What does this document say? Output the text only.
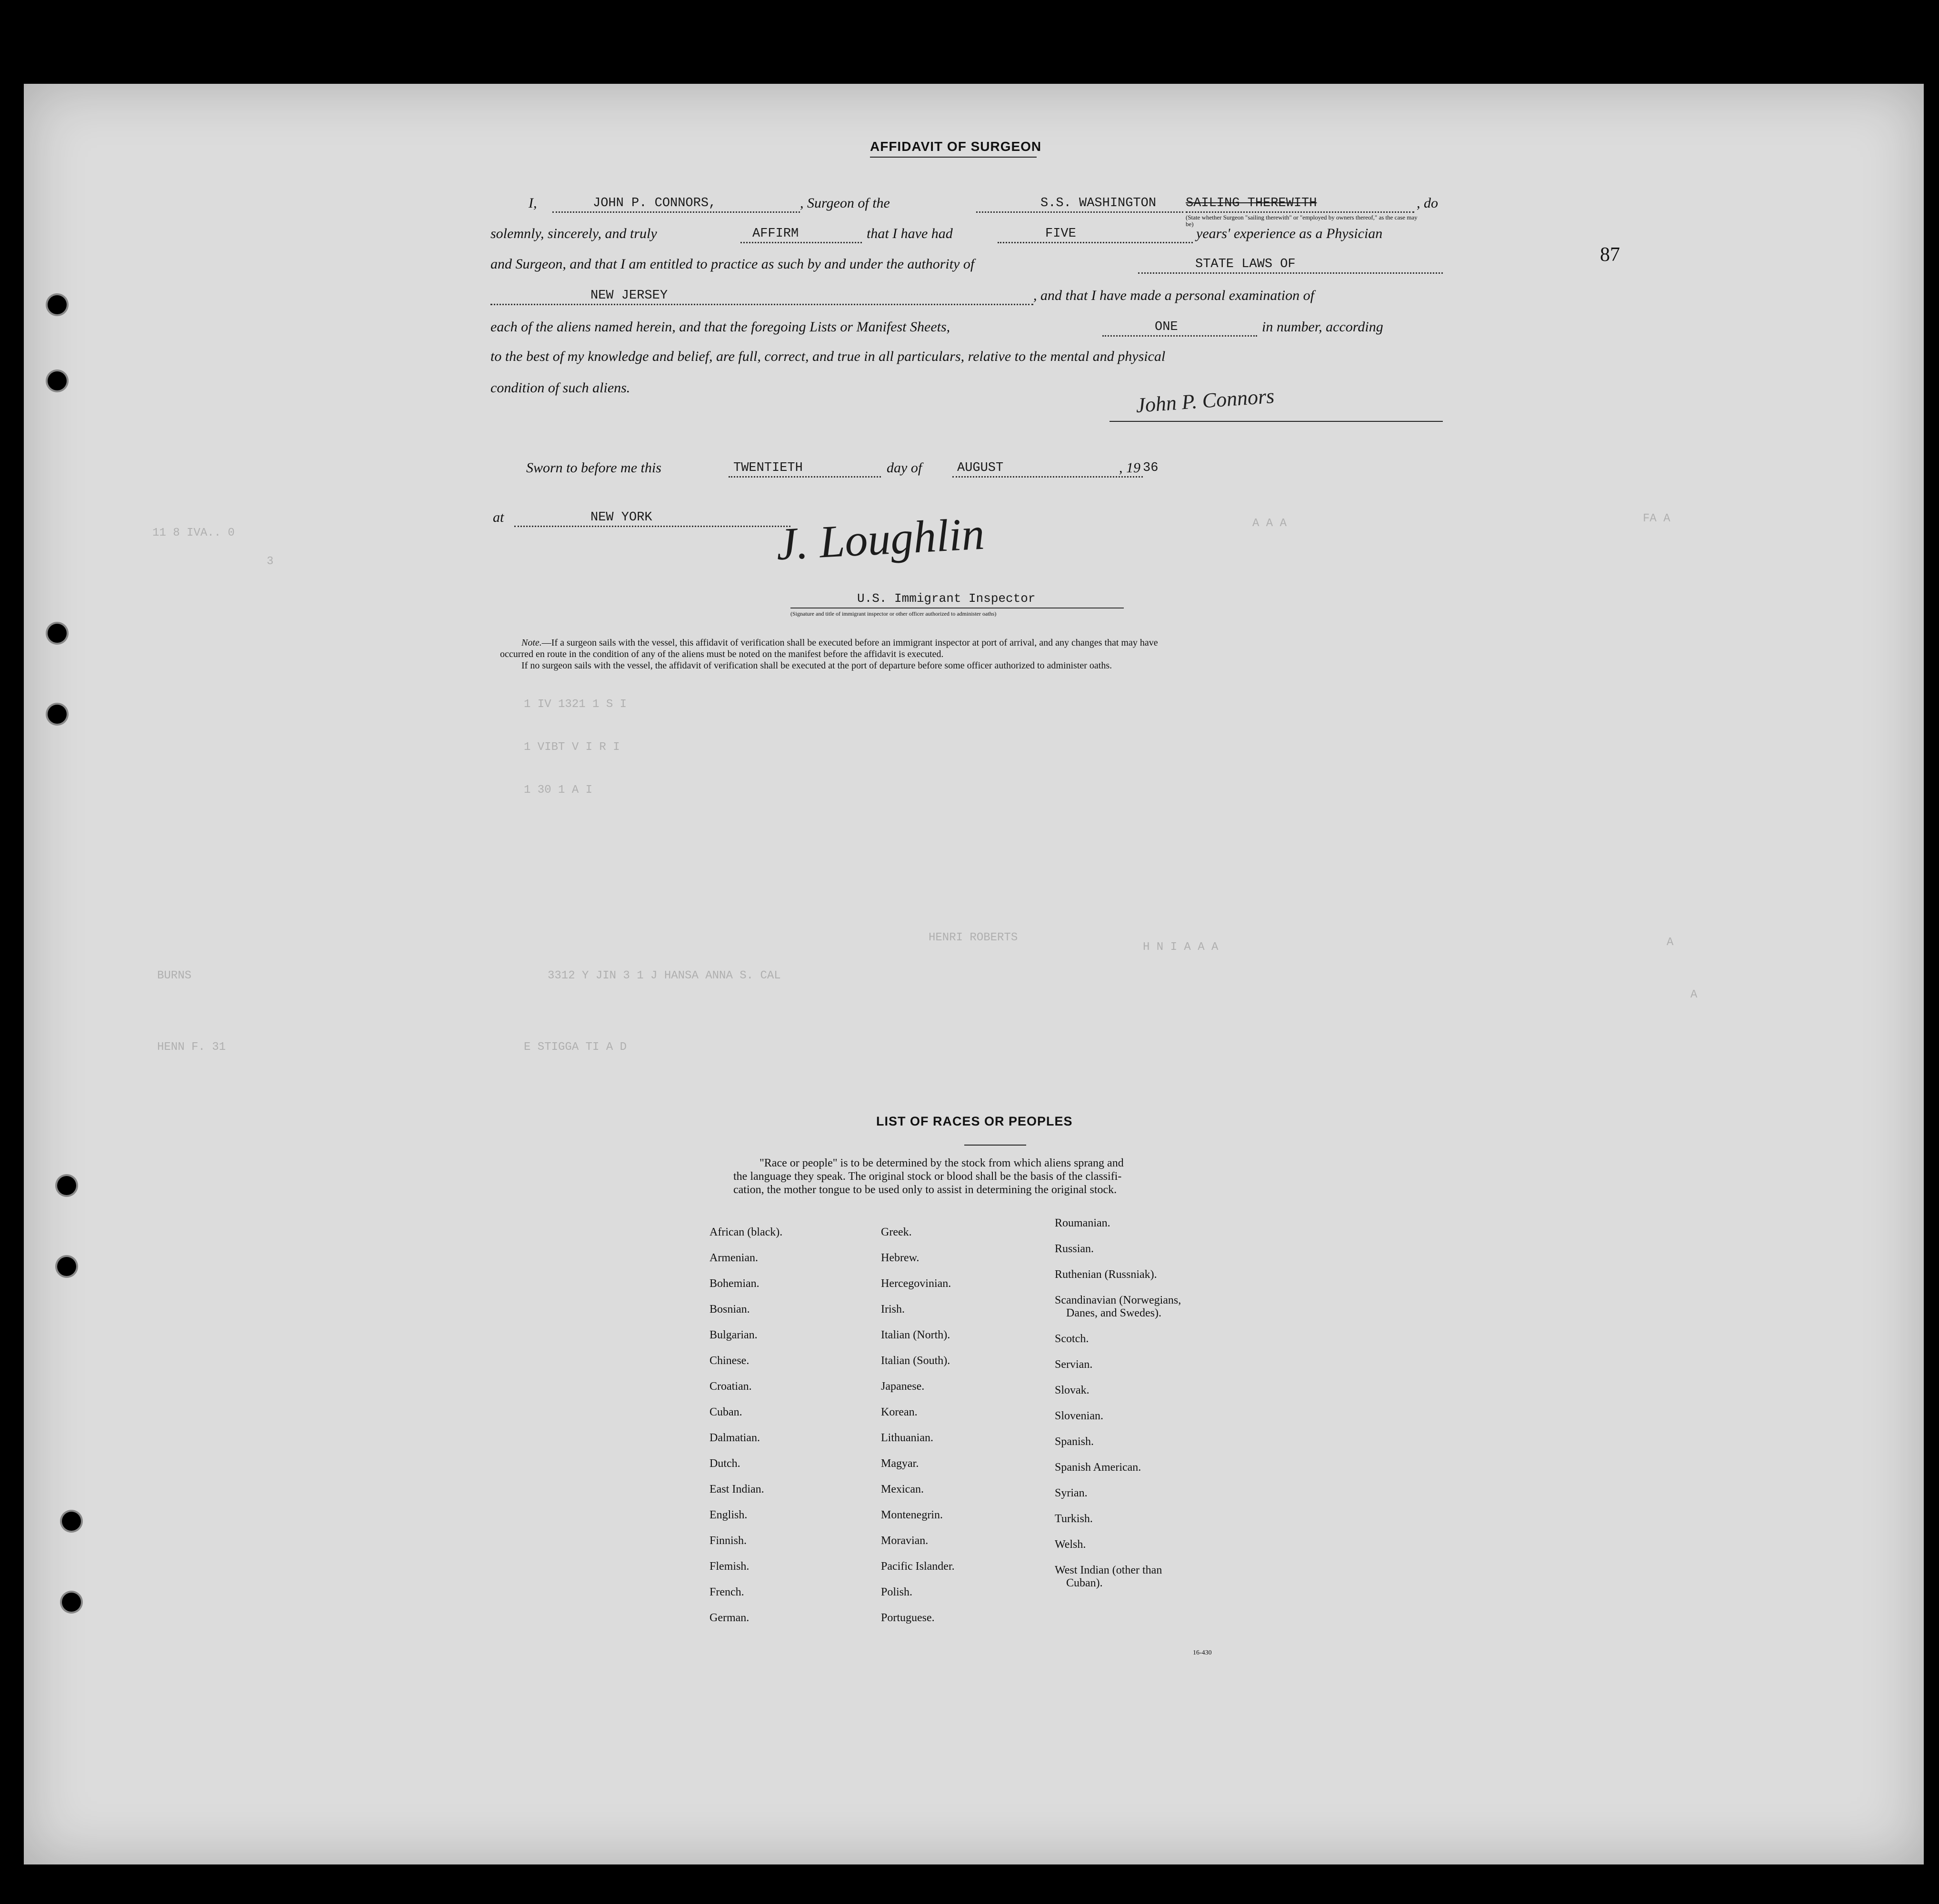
11 8 IVA.. 0
3
A A A	FA A
1 IV 1321 1 S I
1 VIBT V I R I
1 30 1 A I
HENRI ROBERTS
3312 Y JIN 3 1 J HANSA ANNA S. CAL
BURNS
HENN F. 31	E STIGGA TI A D
H N I A A A	A
A
87
AFFIDAVIT OF SURGEON
I,	JOHN P. CONNORS,	, Surgeon of the	S.S. WASHINGTON SAILING THEREWITH	, do
(State whether Surgeon "sailing therewith" or "employed by owners thereof," as the case may be)
solemnly, sincerely, and truly	AFFIRM	that I have had	FIVE	years' experience as a Physician
and Surgeon, and that I am entitled to practice as such by and under the authority of	STATE LAWS OF
NEW JERSEY	, and that I have made a personal examination of
each of the aliens named herein, and that the foregoing Lists or Manifest Sheets,	ONE	in number, according
to the best of my knowledge and belief, are full, correct, and true in all particulars, relative to the mental and physical
condition of such aliens.	John P. Connors
Sworn to before me this	TWENTIETH	day of	AUGUST	, 19 36
at	NEW YORK	J. Loughlin
U.S. Immigrant Inspector
(Signature and title of immigrant inspector or other officer authorized to administer oaths)
Note.—If a surgeon sails with the vessel, this affidavit of verification shall be executed before an immigrant inspector at port of arrival, and any changes that may have
occurred en route in the condition of any of the aliens must be noted on the manifest before the affidavit is executed.
If no surgeon sails with the vessel, the affidavit of verification shall be executed at the port of departure before some officer authorized to administer oaths.
LIST OF RACES OR PEOPLES
"Race or people" is to be determined by the stock from which aliens sprang and
the language they speak. The original stock or blood shall be the basis of the classifi-
cation, the mother tongue to be used only to assist in determining the original stock.
African (black).
Armenian.
Bohemian.
Bosnian.
Bulgarian.
Chinese.
Croatian.
Cuban.
Dalmatian.
Dutch.
East Indian.
English.
Finnish.
Flemish.
French.
German.
Greek.
Hebrew.
Hercegovinian.
Irish.
Italian (North).
Italian (South).
Japanese.
Korean.
Lithuanian.
Magyar.
Mexican.
Montenegrin.
Moravian.
Pacific Islander.
Polish.
Portuguese.
Roumanian.
Russian.
Ruthenian (Russniak).
Scandinavian (Norwegians,
Danes, and Swedes).
Scotch.
Servian.
Slovak.
Slovenian.
Spanish.
Spanish American.
Syrian.
Turkish.
Welsh.
West Indian (other than
Cuban).
16-430
